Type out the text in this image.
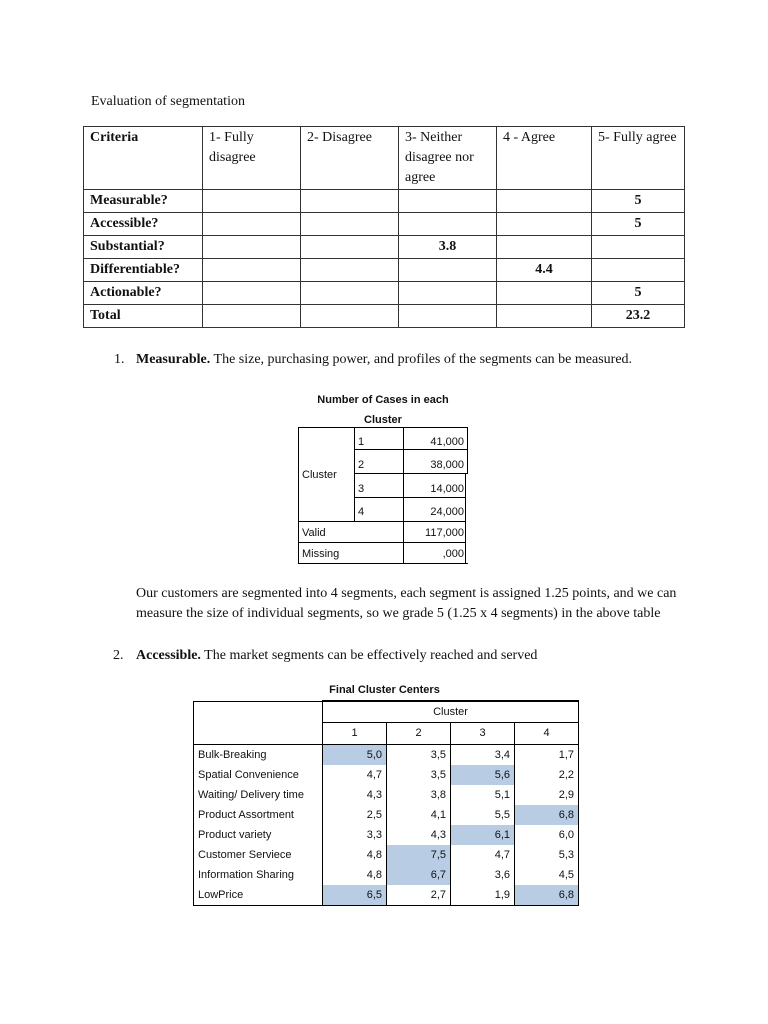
Evaluation of segmentation
Criteria	1- Fully disagree	2- Disagree	3- Neither disagree nor agree	4 - Agree	5- Fully agree
Measurable?					5
Accessible?					5
Substantial?			3.8		
Differentiable?				4.4	
Actionable?					5
Total					23.2
1. Measurable. The size, purchasing power, and profiles of the segments can be measured.
Number of Cases in each
Cluster
Cluster
1	41,000
2	38,000
3	14,000
4	24,000
Valid	117,000
Missing	,000
Our customers are segmented into 4 segments, each segment is assigned 1.25 points, and we can measure the size of individual segments, so we grade 5 (1.25 x 4 segments) in the above table
2. Accessible. The market segments can be effectively reached and served
Final Cluster Centers
	Cluster			
	1	2	3	4
Bulk-Breaking	5,0	3,5	3,4	1,7
Spatial Convenience	4,7	3,5	5,6	2,2
Waiting/ Delivery time	4,3	3,8	5,1	2,9
Product Assortment	2,5	4,1	5,5	6,8
Product variety	3,3	4,3	6,1	6,0
Customer Serviece	4,8	7,5	4,7	5,3
Information Sharing	4,8	6,7	3,6	4,5
LowPrice	6,5	2,7	1,9	6,8
